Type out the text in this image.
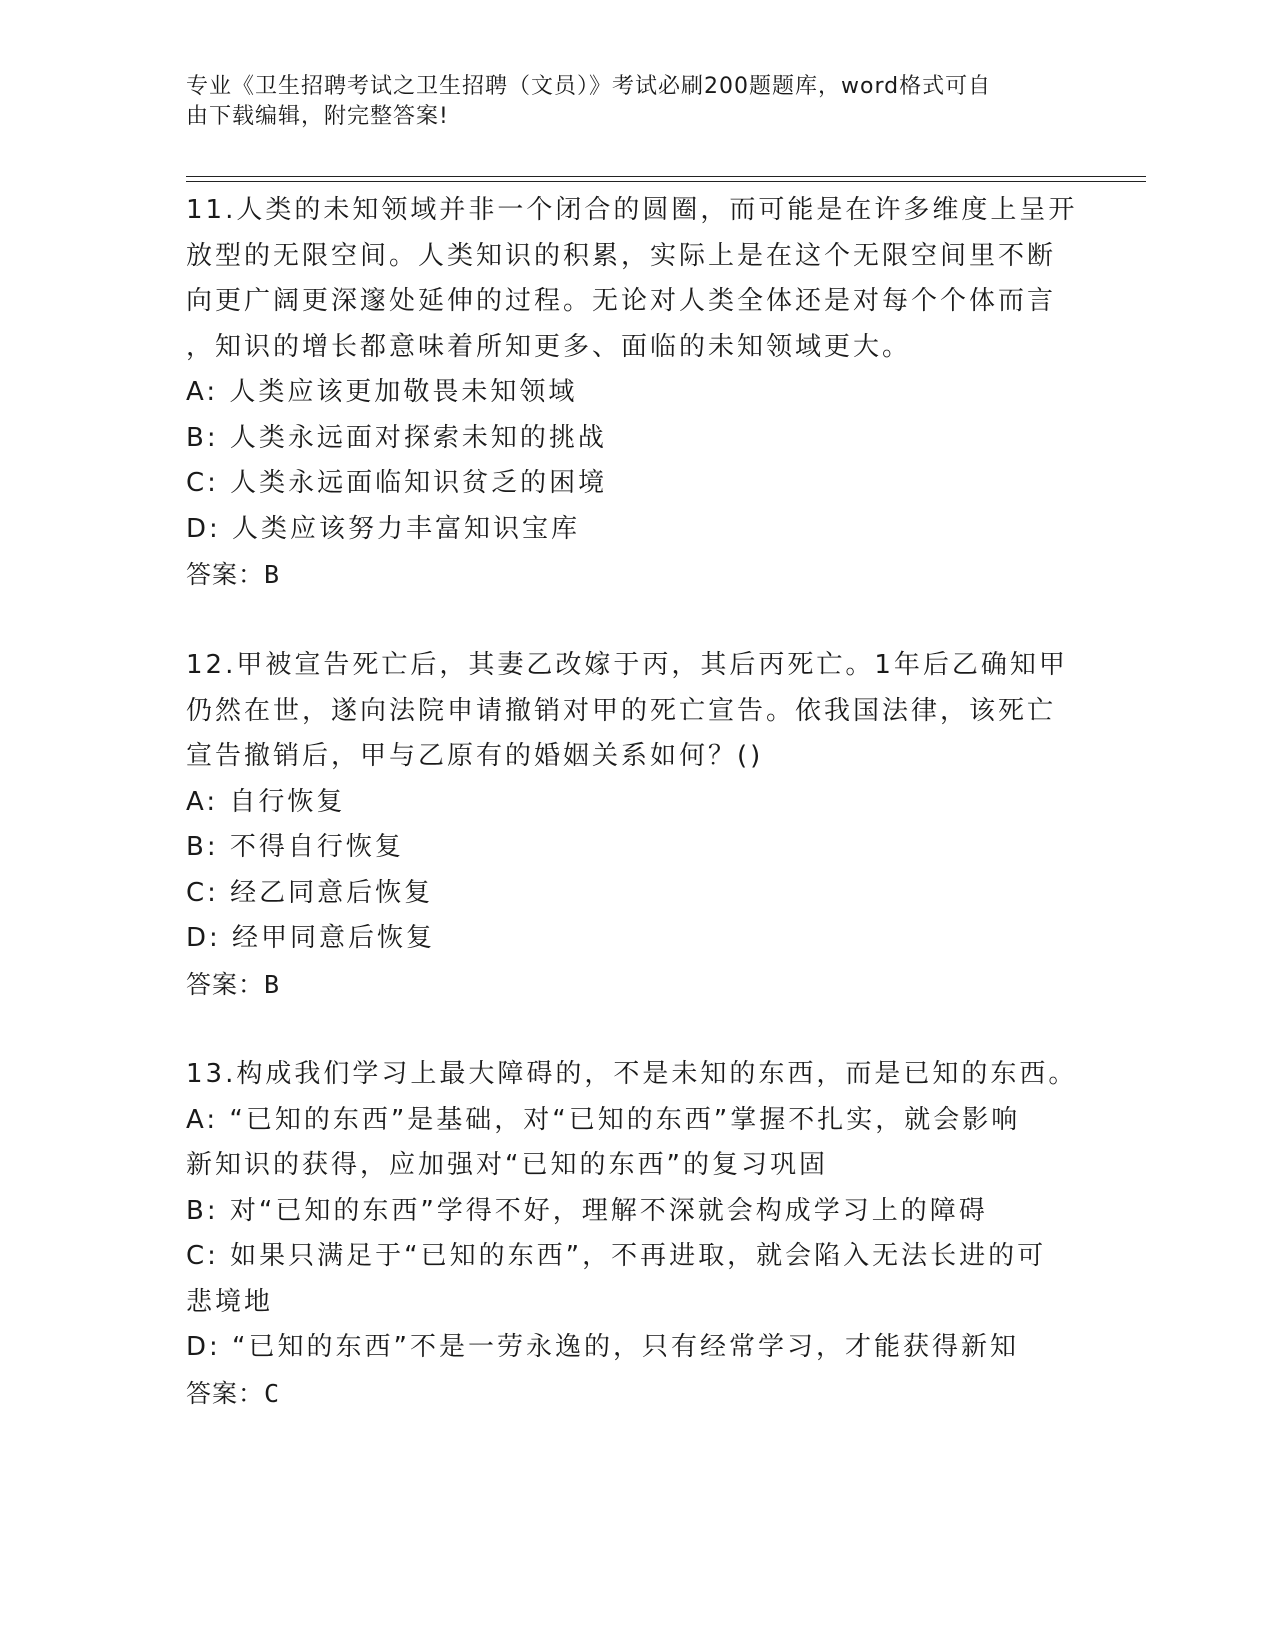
专业《卫生招聘考试之卫生招聘（文员）》考试必刷200题题库，word格式可自
由下载编辑，附完整答案!
11.人类的未知领域并非一个闭合的圆圈，而可能是在许多维度上呈开
放型的无限空间。人类知识的积累，实际上是在这个无限空间里不断
向更广阔更深邃处延伸的过程。无论对人类全体还是对每个个体而言
，知识的增长都意味着所知更多、面临的未知领域更大。
A: 人类应该更加敬畏未知领域
B: 人类永远面对探索未知的挑战
C: 人类永远面临知识贫乏的困境
D: 人类应该努力丰富知识宝库
答案：B
12.甲被宣告死亡后，其妻乙改嫁于丙，其后丙死亡。1年后乙确知甲
仍然在世，遂向法院申请撤销对甲的死亡宣告。依我国法律，该死亡
宣告撤销后，甲与乙原有的婚姻关系如何？()
A: 自行恢复
B: 不得自行恢复
C: 经乙同意后恢复
D: 经甲同意后恢复
答案：B
13.构成我们学习上最大障碍的，不是未知的东西，而是已知的东西。
A: “已知的东西”是基础，对“已知的东西”掌握不扎实，就会影响
新知识的获得，应加强对“已知的东西”的复习巩固
B: 对“已知的东西”学得不好，理解不深就会构成学习上的障碍
C: 如果只满足于“已知的东西”，不再进取，就会陷入无法长进的可
悲境地
D: “已知的东西”不是一劳永逸的，只有经常学习，才能获得新知
答案：C
